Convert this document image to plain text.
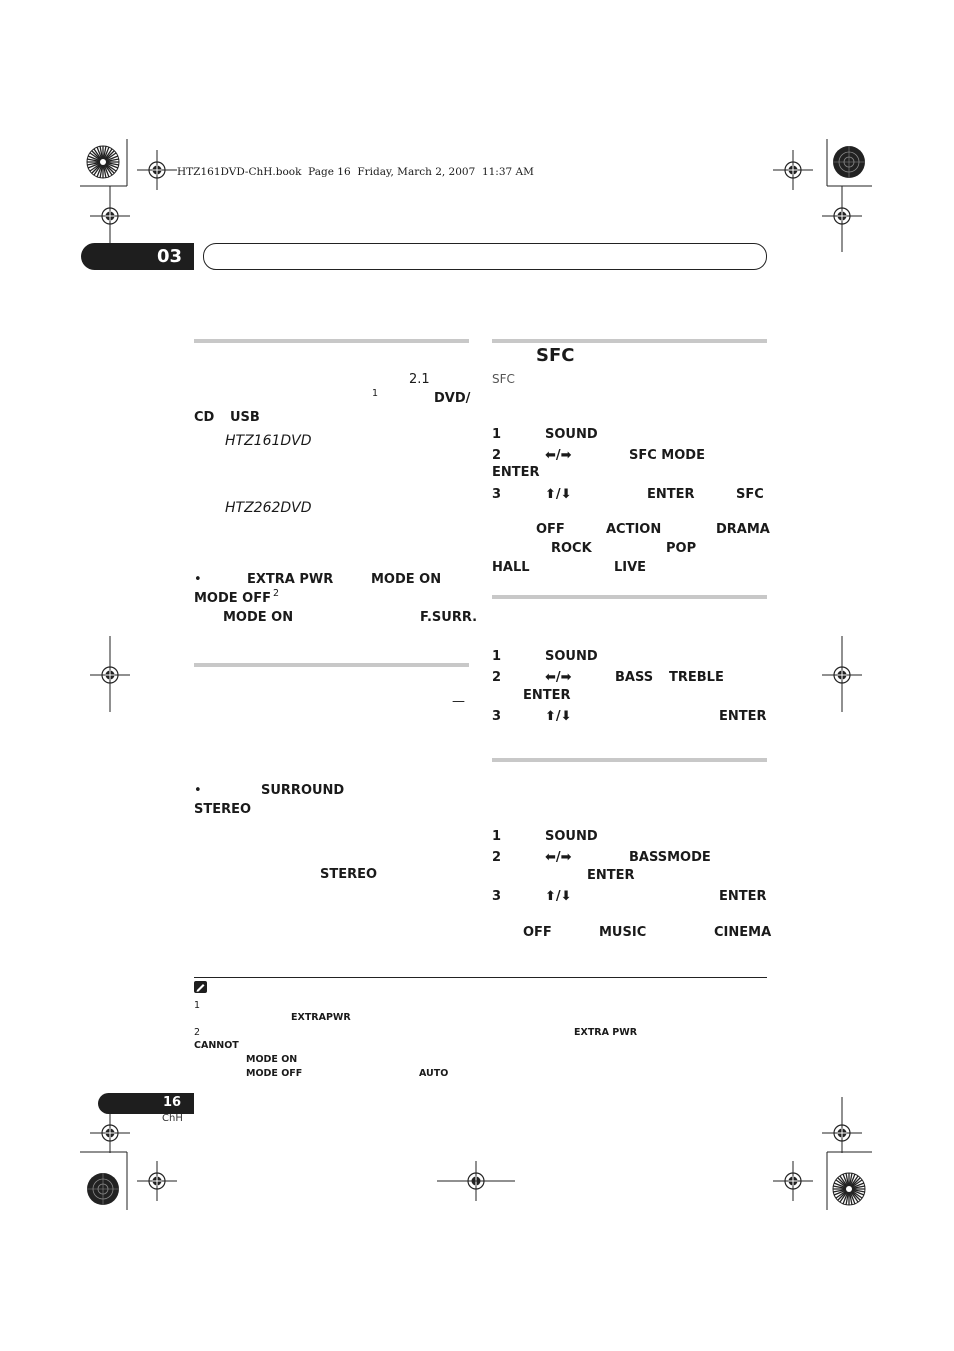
HTZ161DVD-ChH.book  Page 16  Friday, March 2, 2007  11:37 AM
03
2.1
1	DVD/
CD USB
HTZ161DVD
HTZ262DVD
•	EXTRA PWR	MODE ON
MODE OFF 2
MODE ON	F.SURR.
—
•	SURROUND
STEREO
STEREO
SFC
SFC
1	SOUND
2	⬅/➡	SFC MODE
ENTER
3	⬆/⬇	ENTER	SFC
OFF	ACTION	DRAMA
ROCK	POP
HALL	LIVE
1	SOUND
2	⬅/➡	BASS TREBLE
ENTER
3	⬆/⬇	ENTER
1	SOUND
2	⬅/➡	BASSMODE
ENTER
3	⬆/⬇	ENTER
OFF	MUSIC	CINEMA
1
EXTRAPWR
2	EXTRA PWR
CANNOT
MODE ON
MODE OFF	AUTO
16
ChH
